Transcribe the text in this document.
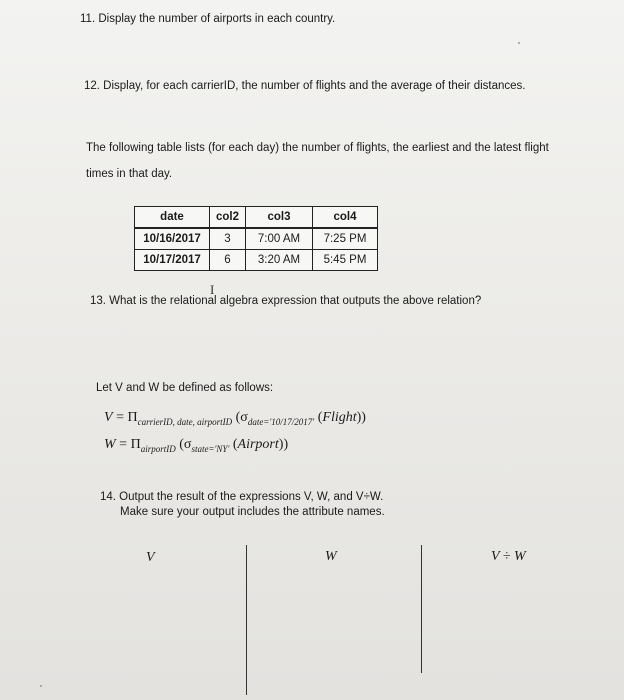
11. Display the number of airports in each country.
12. Display, for each carrierID, the number of flights and the average of their distances.
The following table lists (for each day) the number of flights, the earliest and the latest flight
times in that day.
date	col2	col3	col4
10/16/2017	3	7:00 AM	7:25 PM
10/17/2017	6	3:20 AM	5:45 PM
I
13. What is the relational algebra expression that outputs the above relation?
Let V and W be defined as follows:
$V = \Pi_{carrierID, date, airportID}$ ($\sigma_{date='10/17/2017'}$ (Flight))
$W = \Pi_{airportID}$ ($\sigma_{state='NY'}$ (Airport))
14. Output the result of the expressions V, W, and V÷W.
Make sure your output includes the attribute names.
V	W	V ÷ W
